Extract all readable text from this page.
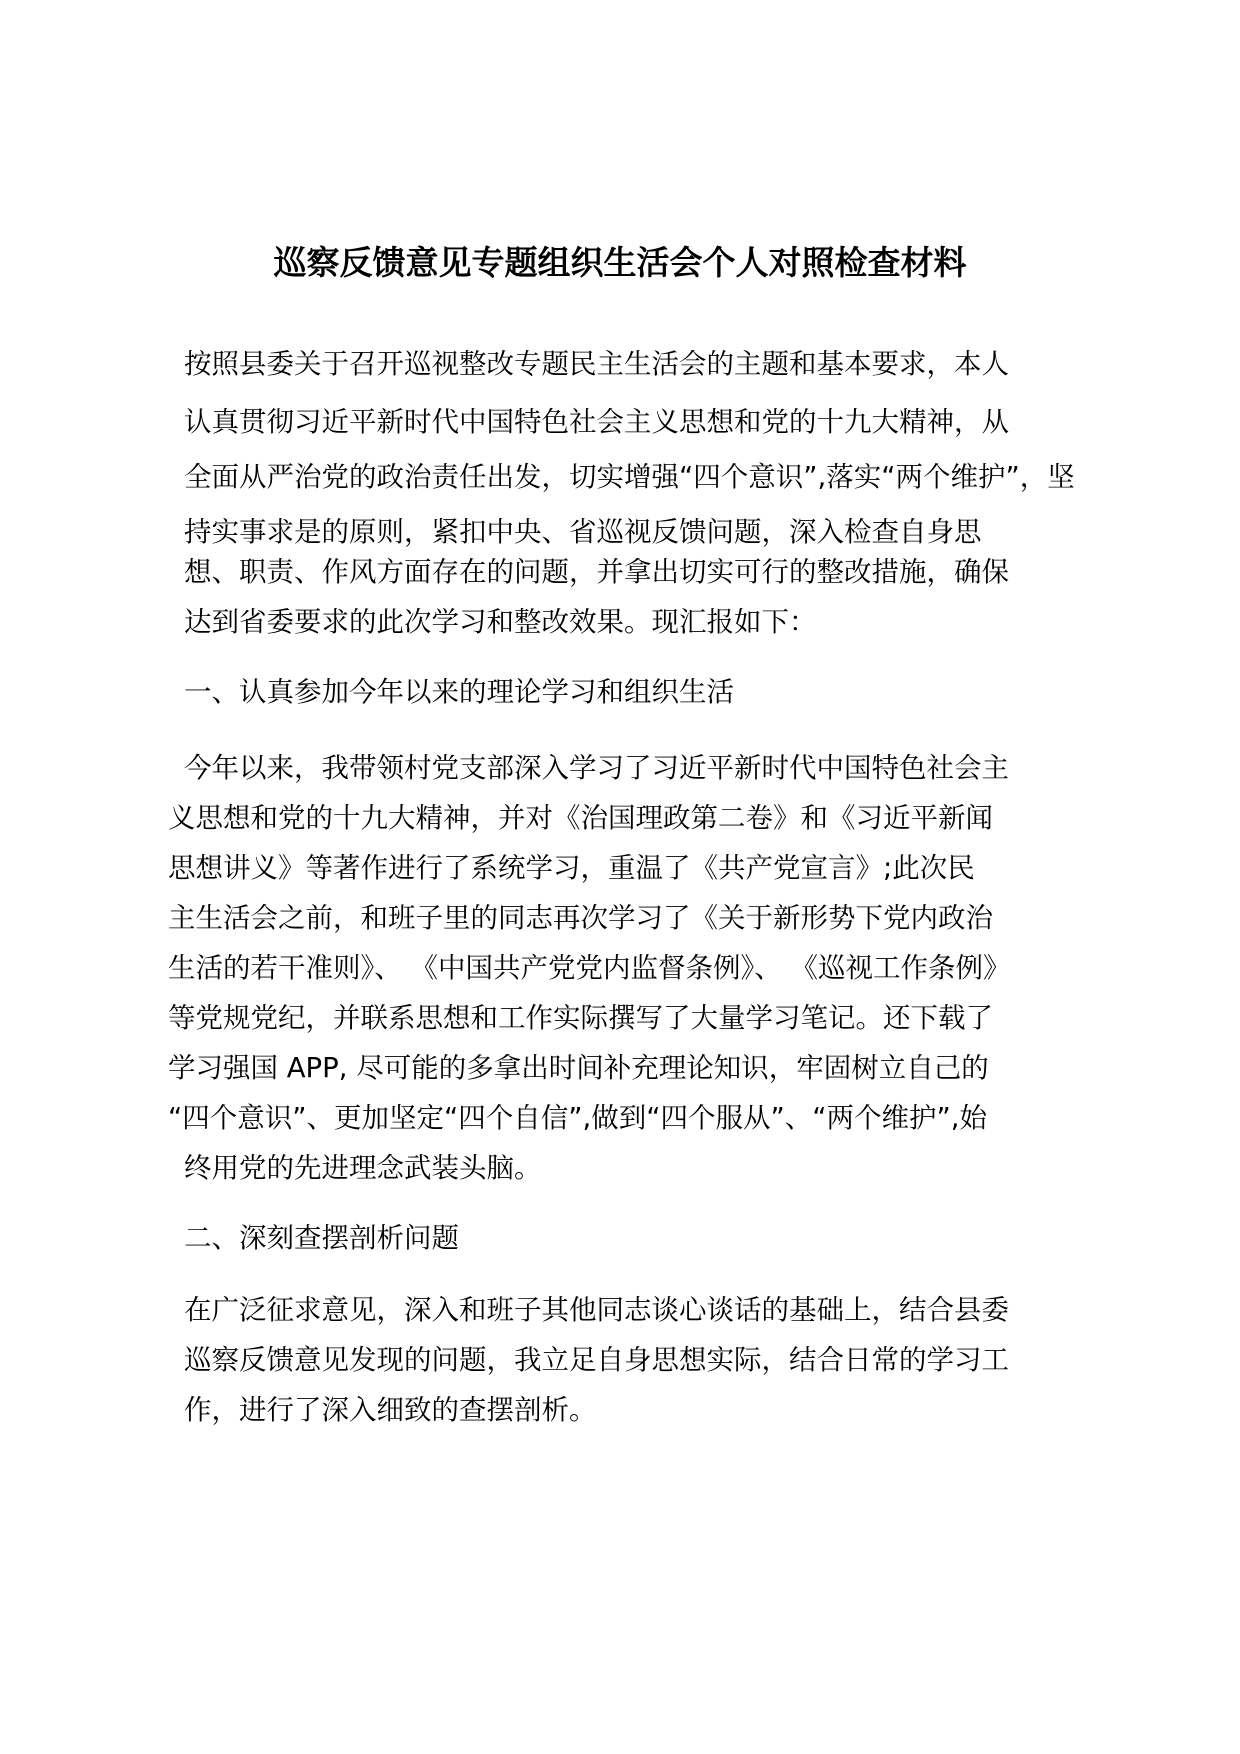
巡察反馈意见专题组织生活会个人对照检查材料

按照县委关于召开巡视整改专题民主生活会的主题和基本要求，本人

认真贯彻习近平新时代中国特色社会主义思想和党的十九大精神，从

全面从严治党的政治责任出发，切实增强“四个意识”,落实“两个维护”，坚

持实事求是的原则，紧扣中央、省巡视反馈问题，深入检查自身思

想、职责、作风方面存在的问题，并拿出切实可行的整改措施，确保

达到省委要求的此次学习和整改效果。现汇报如下：

一、认真参加今年以来的理论学习和组织生活

今年以来，我带领村党支部深入学习了习近平新时代中国特色社会主

义思想和党的十九大精神，并对《治国理政第二卷》和《习近平新闻

思想讲义》等著作进行了系统学习，重温了《共产党宣言》;此次民

主生活会之前，和班子里的同志再次学习了《关于新形势下党内政治

生活的若干准则》、 《中国共产党党内监督条例》、 《巡视工作条例》

等党规党纪，并联系思想和工作实际撰写了大量学习笔记。还下载了

学习强国 APP, 尽可能的多拿出时间补充理论知识，牢固树立自己的

“四个意识”、更加坚定“四个自信”,做到“四个服从”、“两个维护”,始

终用党的先进理念武装头脑。

二、深刻查摆剖析问题

在广泛征求意见，深入和班子其他同志谈心谈话的基础上，结合县委

巡察反馈意见发现的问题，我立足自身思想实际，结合日常的学习工

作，进行了深入细致的查摆剖析。
